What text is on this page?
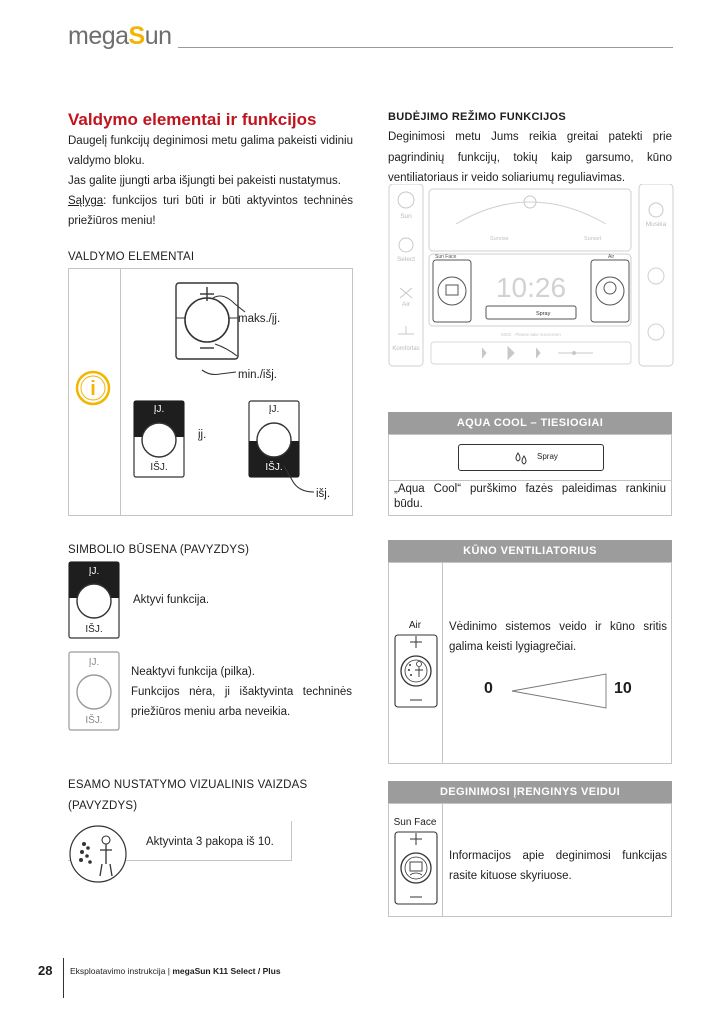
megaSun
Valdymo elementai ir funkcijos
Daugelį funkcijų deginimosi metu galima pakeisti vidiniu valdymo bloku.
Jas galite įjungti arba išjungti bei pakeisti nustatymus.
Sąlyga: funkcijos turi būti ir būti aktyvintos techninės priežiūros meniu!
VALDYMO ELEMENTAI
i
maks./įj.
min./išj.
ĮJ.
IŠJ.
įj.
ĮJ.
IŠJ.
išj.
SIMBOLIO BŪSENA (PAVYZDYS)
ĮJ.
IŠJ.
Aktyvi funkcija.
ĮJ.
IŠJ.
Neaktyvi funkcija (pilka).
Funkcijos nėra, ji išaktyvinta techninės priežiūros meniu arba neveikia.
ESAMO NUSTATYMO VIZUALINIS VAIZDAS (PAVYZDYS)
Aktyvinta 3 pakopa iš 10.
BUDĖJIMO REŽIMO FUNKCIJOS
Deginimosi metu Jums reikia greitai patekti prie pagrindinių funkcijų, tokių kaip garsumo, kūno ventiliatoriaus ir veido soliariumų reguliavimas.
Sun
Select
Air
Komfortas
Sunrise	Sunset
Sun Face	Air
10:26
Spray
MSG · Please take sunscreen
Musika
AQUA COOL – TIESIOGIAI
Spray
„Aqua Cool“ purškimo fazės paleidimas rankiniu būdu.
KŪNO VENTILIATORIUS
Air	Vėdinimo sistemos veido ir kūno sritis galima keisti lygiagrečiai.
0	10
DEGINIMOSI ĮRENGINYS VEIDUI
Sun Face
Informacijos apie deginimosi funkcijas rasite kituose skyriuose.
28 Eksploatavimo instrukcija | megaSun K11 Select / Plus
